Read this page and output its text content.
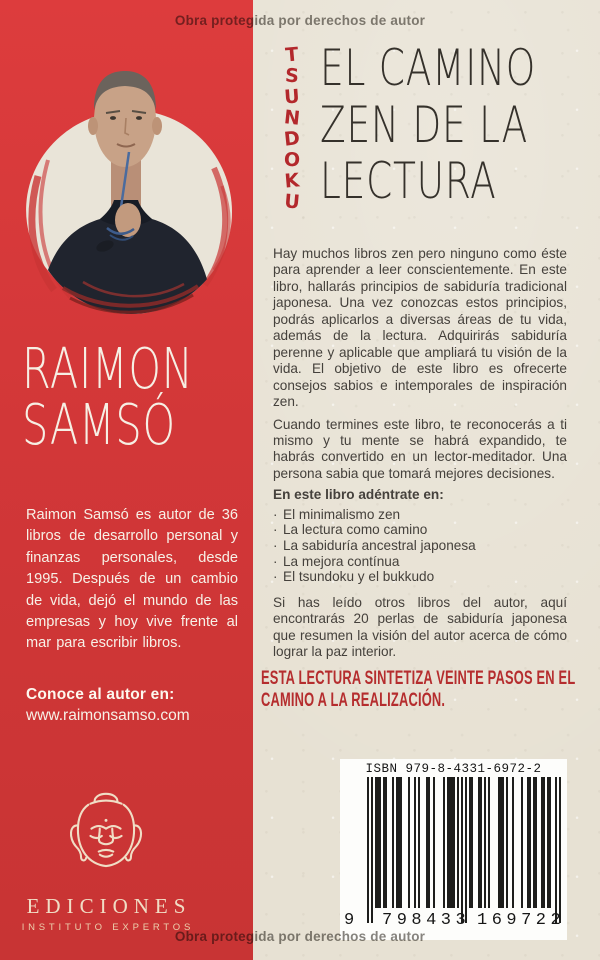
Obra protegida por derechos de autor
RAIMON
SAMSÓ
Raimon Samsó es autor de 36 libros de desarrollo personal y finanzas personales, desde 1995. Después de un cambio de vida, dejó el mundo de las empresas y hoy vive frente al mar para escribir libros.
Conoce al autor en:
www.raimonsamso.com
EDICIONES
INSTITUTO EXPERTOS
T
S
U
N
D
O
K
U
EL CAMINO
ZEN DE LA
LECTURA

Hay muchos libros zen pero ninguno como éste para aprender a leer conscientemente. En este libro, hallarás principios de sabiduría tradicional japonesa. Una vez conozcas estos principios, podrás aplicarlos a diversas áreas de tu vida, además de la lectura. Adquirirás sabiduría perenne y aplicable que ampliará tu visión de la vida. El objetivo de este libro es ofrecerte consejos sabios e intemporales de inspiración zen.

Cuando termines este libro, te reconocerás a ti mismo y tu mente se habrá expandido, te habrás convertido en un lector-meditador. Una persona sabia que tomará mejores decisiones.

En este libro adéntrate en:
· El minimalismo zen
· La lectura como camino
· La sabiduría ancestral japonesa
· La mejora contínua
· El tsundoku y el bukkudo

Si has leído otros libros del autor, aquí encontrarás 20 perlas de sabiduría japonesa que resumen la visión del autor acerca de cómo lograr la paz interior.

ESTA LECTURA SINTETIZA VEINTE PASOS EN EL
CAMINO A LA REALIZACIÓN.
ISBN 979-8-4331-6972-2
9 798433 169722
Obra protegida por derechos de autor
